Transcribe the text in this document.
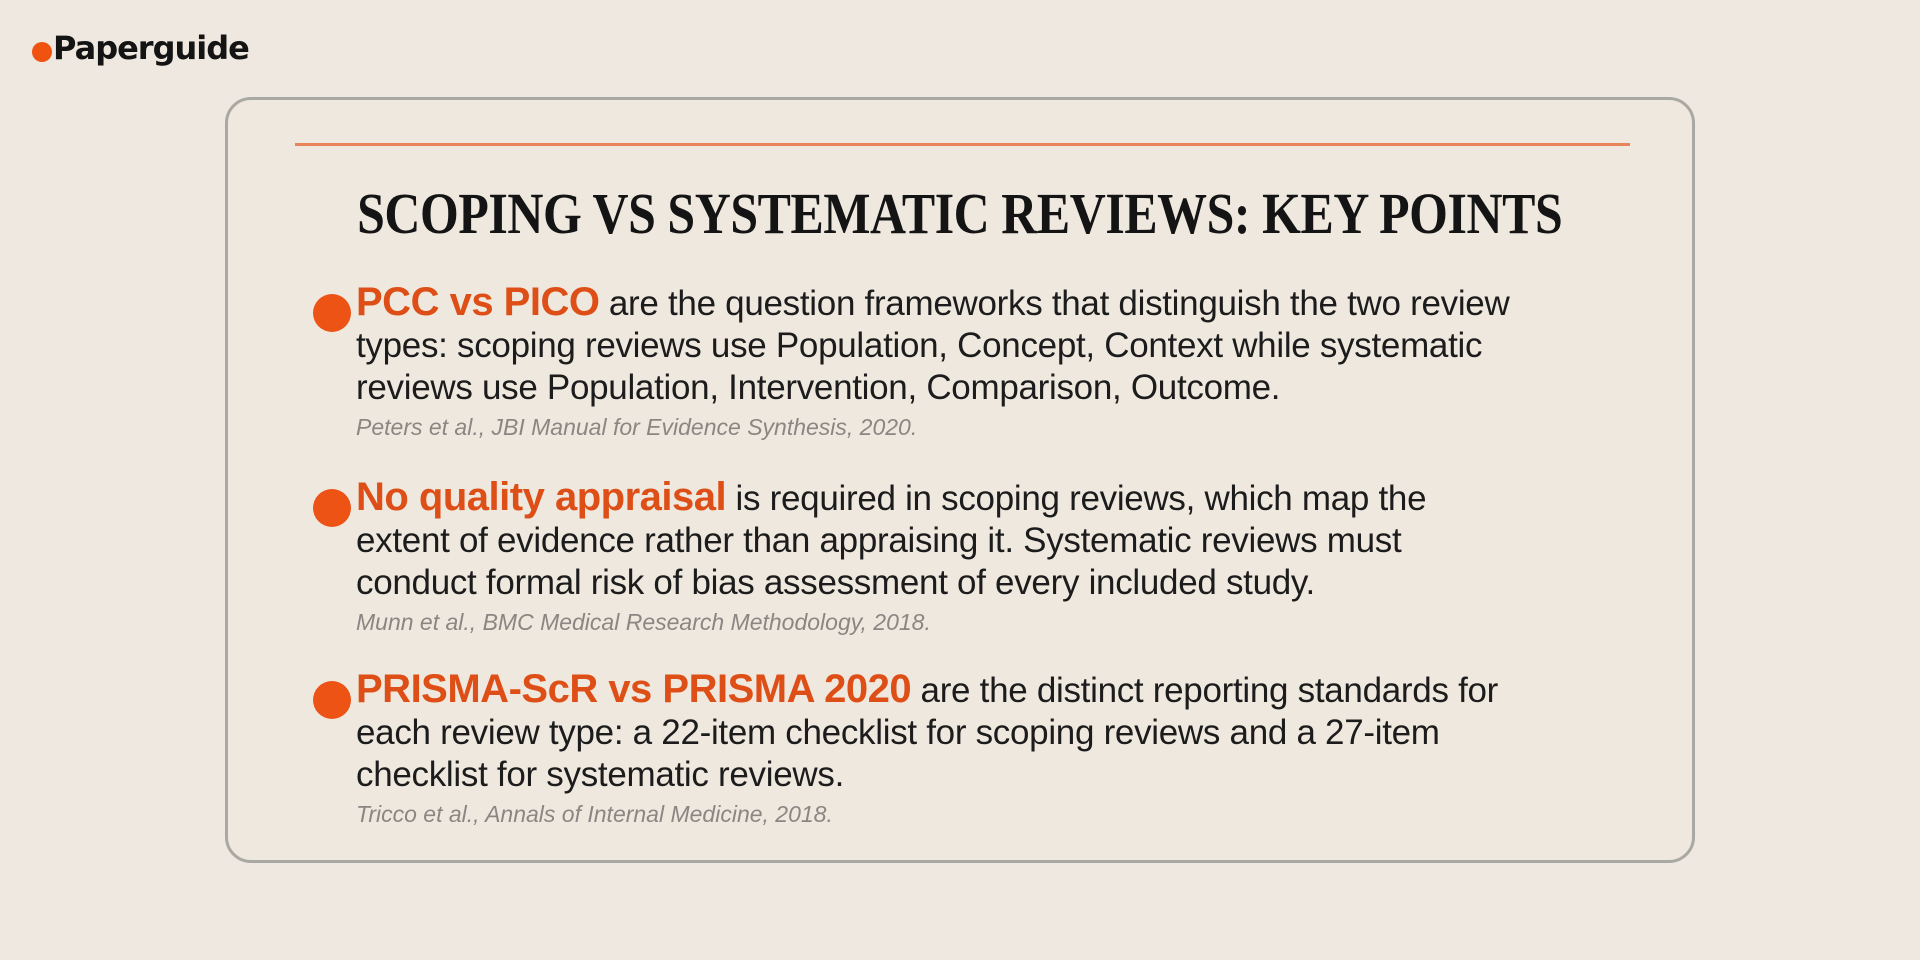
Paperguide
SCOPING VS SYSTEMATIC REVIEWS: KEY POINTS
PCC vs PICO are the question frameworks that distinguish the two review
types: scoping reviews use Population, Concept, Context while systematic
reviews use Population, Intervention, Comparison, Outcome.
Peters et al., JBI Manual for Evidence Synthesis, 2020.
No quality appraisal is required in scoping reviews, which map the
extent of evidence rather than appraising it. Systematic reviews must
conduct formal risk of bias assessment of every included study.
Munn et al., BMC Medical Research Methodology, 2018.
PRISMA-ScR vs PRISMA 2020 are the distinct reporting standards for
each review type: a 22-item checklist for scoping reviews and a 27-item
checklist for systematic reviews.
Tricco et al., Annals of Internal Medicine, 2018.
